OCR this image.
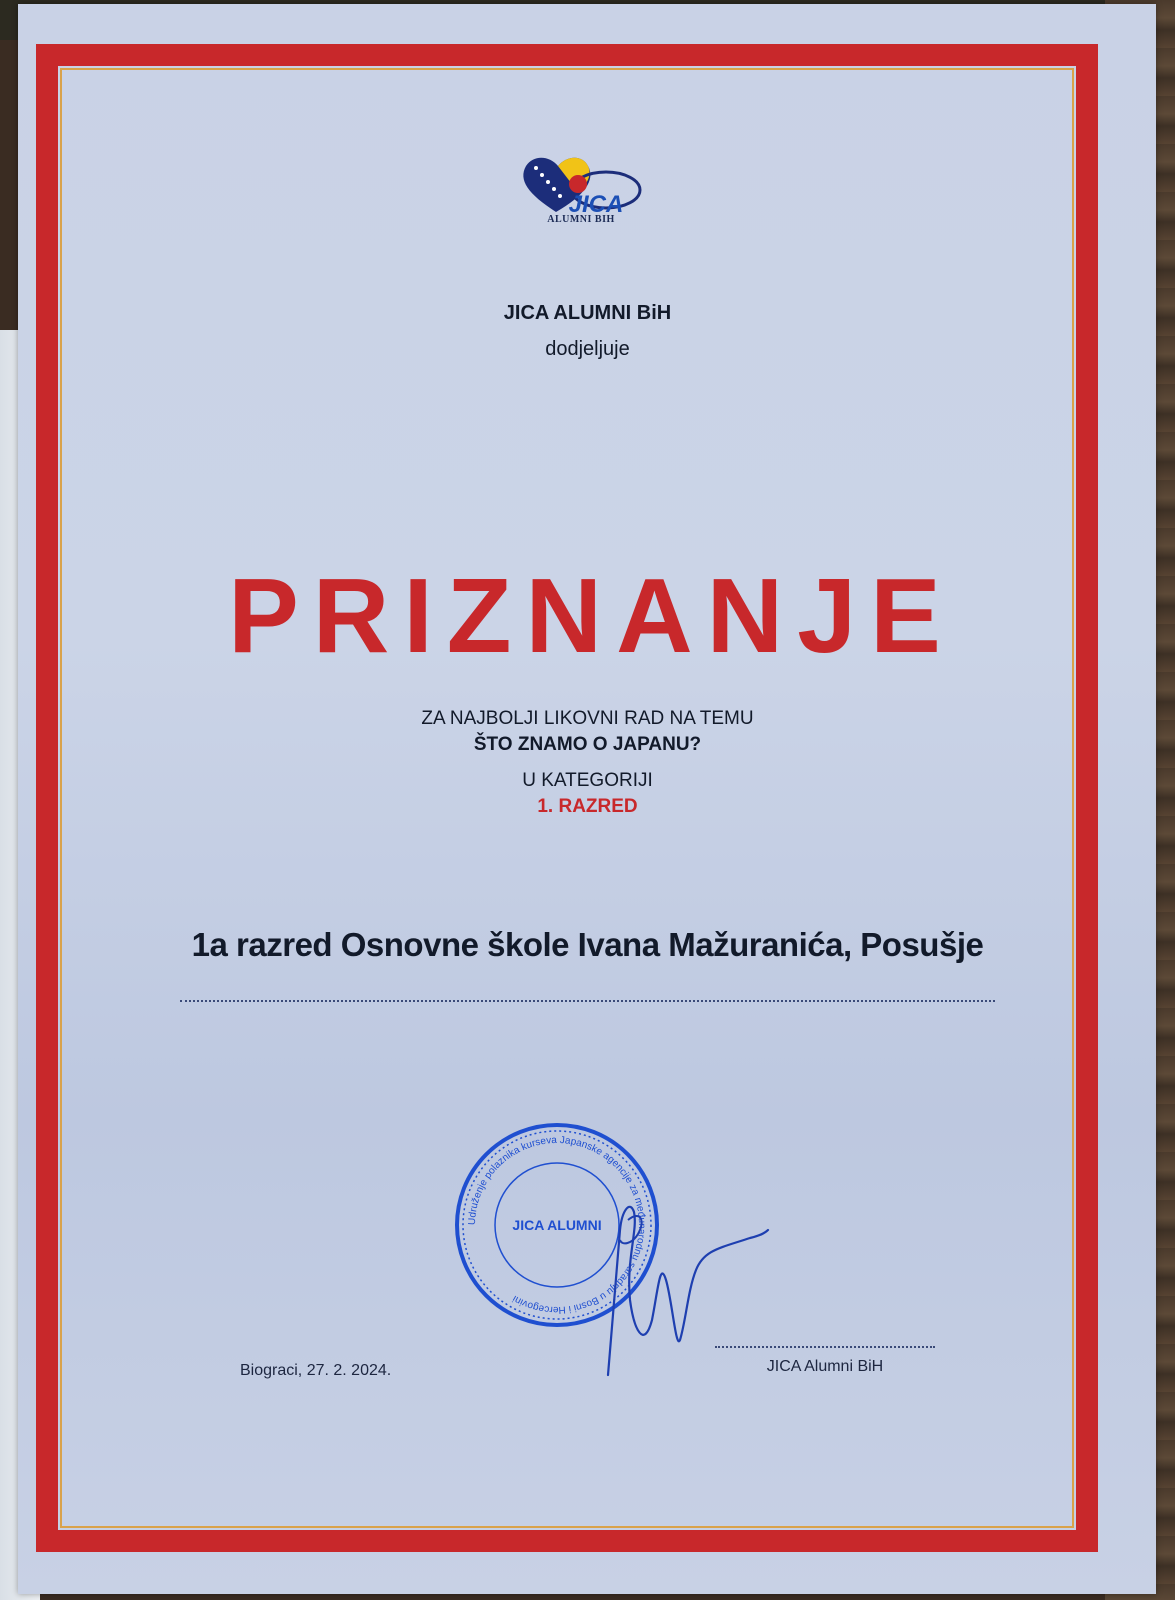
JICA
ALUMNI BIH
JICA ALUMNI BiH
dodjeljuje
PRIZNANJE
ZA NAJBOLJI LIKOVNI RAD NA TEMU
ŠTO ZNAMO O JAPANU?
U KATEGORIJI
1. RAZRED
1a razred Osnovne škole Ivana Mažuranića, Posušje
Udruženje polaznika kurseva Japanske agencije za međunarodnu saradnju u Bosni i Hercegovini
JICA ALUMNI
Biograci, 27. 2. 2024.	JICA Alumni BiH
